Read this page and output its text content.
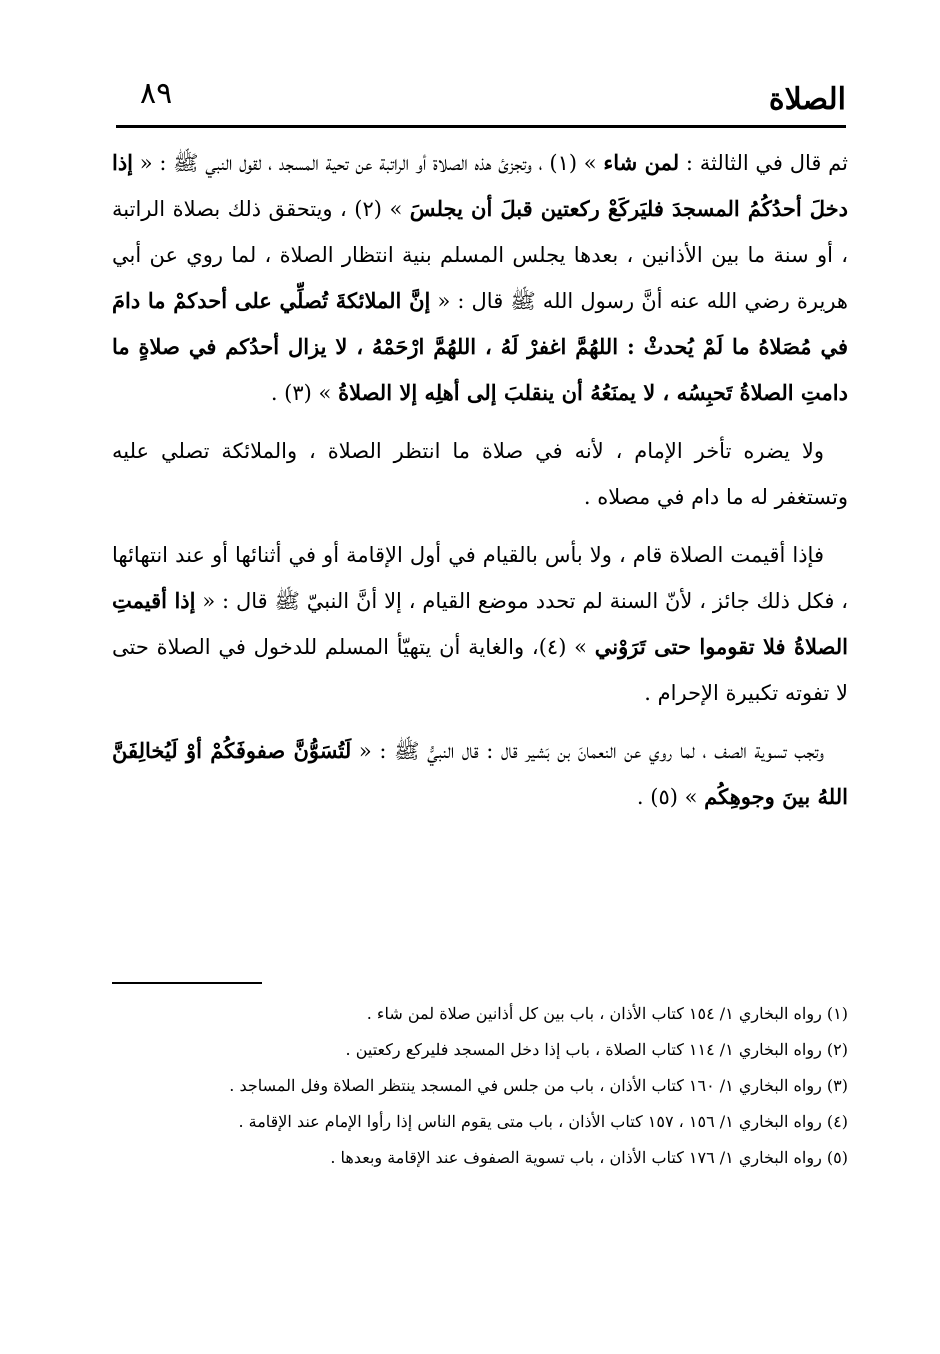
الصلاة
٨٩

ثم قال في الثالثة : لمن شاء » (١) ، وتجزئ هذه الصلاة أو الراتبة عن تحية المسجد ، لقول النبي ﷺ : « إذا دخلَ أحدُكُمُ المسجدَ فليَركَعْ ركعتين قبلَ أن يجلسَ » (٢) ، ويتحقق ذلك بصلاة الراتبة ، أو سنة ما بين الأذانين ، بعدها يجلس المسلم بنية انتظار الصلاة ، لما روي عن أبي هريرة رضي الله عنه أنَّ رسول الله ﷺ قال : « إنَّ الملائكةَ تُصلِّي على أحدكمْ ما دامَ في مُصَلاهُ ما لَمْ يُحدثْ : اللهُمَّ اغفرْ لَهُ ، اللهُمَّ ارْحَمْهُ ، لا يزال أحدُكم في صلاةٍ ما دامتِ الصلاةُ تَحبِسُه ، لا يمنَعُهُ أن ينقلبَ إلى أهلِه إلا الصلاةُ » (٣) .

ولا يضره تأخر الإمام ، لأنه في صلاة ما انتظر الصلاة ، والملائكة تصلي عليه وتستغفر له ما دام في مصلاه .

فإذا أقيمت الصلاة قام ، ولا بأس بالقيام في أول الإقامة أو في أثنائها أو عند انتهائها ، فكل ذلك جائز ، لأنّ السنة لم تحدد موضع القيام ، إلا أنَّ النبيّ ﷺ قال : « إذا أقيمتِ الصلاةُ فلا تقوموا حتى تَرَوْني » (٤)، والغاية أن يتهيّأ المسلم للدخول في الصلاة حتى لا تفوته تكبيرة الإحرام .

وتجب تسوية الصف ، لما روي عن النعمانَ بن بَشير قال : قال النبيُّ ﷺ : « لَتُسَوُّنَّ صفوفَكُمْ أوْ لَيُخالِفَنَّ اللهُ بينَ وجوهِكُم » (٥) .

(١) رواه البخاري ١/ ١٥٤ كتاب الأذان ، باب بين كل أذانين صلاة لمن شاء .

(٢) رواه البخاري ١/ ١١٤ كتاب الصلاة ، باب إذا دخل المسجد فليركع ركعتين .

(٣) رواه البخاري ١/ ١٦٠ كتاب الأذان ، باب من جلس في المسجد ينتظر الصلاة وفل المساجد .

(٤) رواه البخاري ١/ ١٥٦ ، ١٥٧ كتاب الأذان ، باب متى يقوم الناس إذا رأوا الإمام عند الإقامة .

(٥) رواه البخاري ١/ ١٧٦ كتاب الأذان ، باب تسوية الصفوف عند الإقامة وبعدها .
